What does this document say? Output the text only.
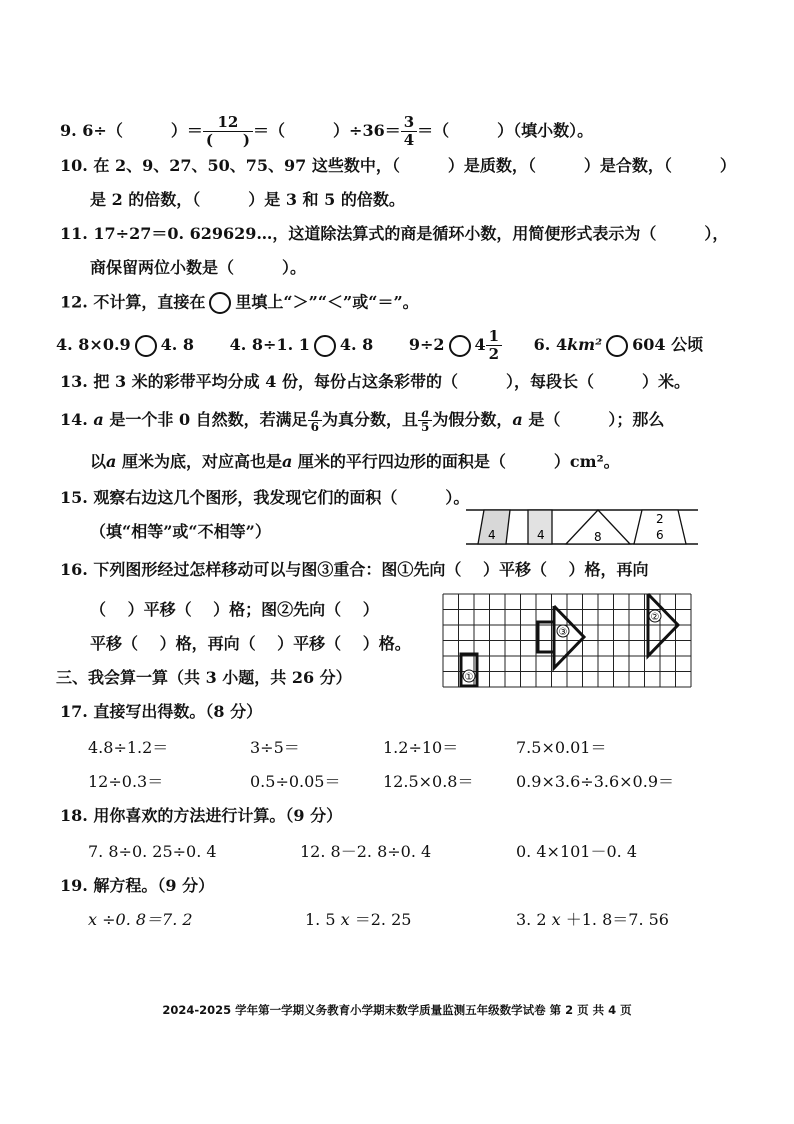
9. 6÷（　　　）＝ 12
(　　) ＝（　　　）$\div 36= \frac{3}{4}$ ＝（　　　）（填小数）。
10. 在 2、9、27、50、75、97 这些数中，（　　　）是质数，（　　　）是合数，（　　　）
是 2 的倍数，（　　　）是 3 和 5 的倍数。
11. 17÷27＝0. 629629…，这道除法算式的商是循环小数，用简便形式表示为（　　　），
商保留两位小数是（　　　）。
12. 不计算，直接在 里填上“＞”“＜”或“＝”。
4. 8×0.9 4. 8 4. 8÷1. 1 4. 8 9÷2 $4 \frac{1}{2} 6$. 4km² 604 公顷
13. 把 3 米的彩带平均分成 4 份，每份占这条彩带的（　　　），每段长（　　　）米。
14. a 是一个非 0 自然数，若满足 $\frac{a}{6}$ 为真分数，且 $\frac{a}{5}$ 为假分数，a 是（　　　）；那么
以a 厘米为底，对应高也是a 厘米的平行四边形的面积是（　　　）cm²。
15. 观察右边这几个图形，我发现它们的面积（　　　）。
（填“相等”或“不相等”）	4	4	8
2
6
16. 下列图形经过怎样移动可以与图③重合：图①先向（　 ）平移（　 ）格，再向
（　 ）平移（　 ）格；图②先向（　 ）
平移（　 ）格，再向（　 ）平移（　 ）格。
①
③
②
三、我会算一算（共 3 小题，共 26 分）
17. 直接写出得数。（8 分）
4.8÷1.2＝	3÷5＝	1.2÷10＝	7.5×0.01＝
12÷0.3＝	0.5÷0.05＝	12.5×0.8＝	0.9×3.6÷3.6×0.9＝
18. 用你喜欢的方法进行计算。（9 分）
7. 8÷0. 25÷0. 4	12. 8－2. 8÷0. 4	0. 4×101－0. 4
19. 解方程。（9 分）
x ÷0. 8＝7. 2	1. 5 x ＝2. 25	3. 2 x ＋1. 8＝7. 56
2024-2025 学年第一学期义务教育小学期末数学质量监测五年级数学试卷 第 2 页 共 4 页
